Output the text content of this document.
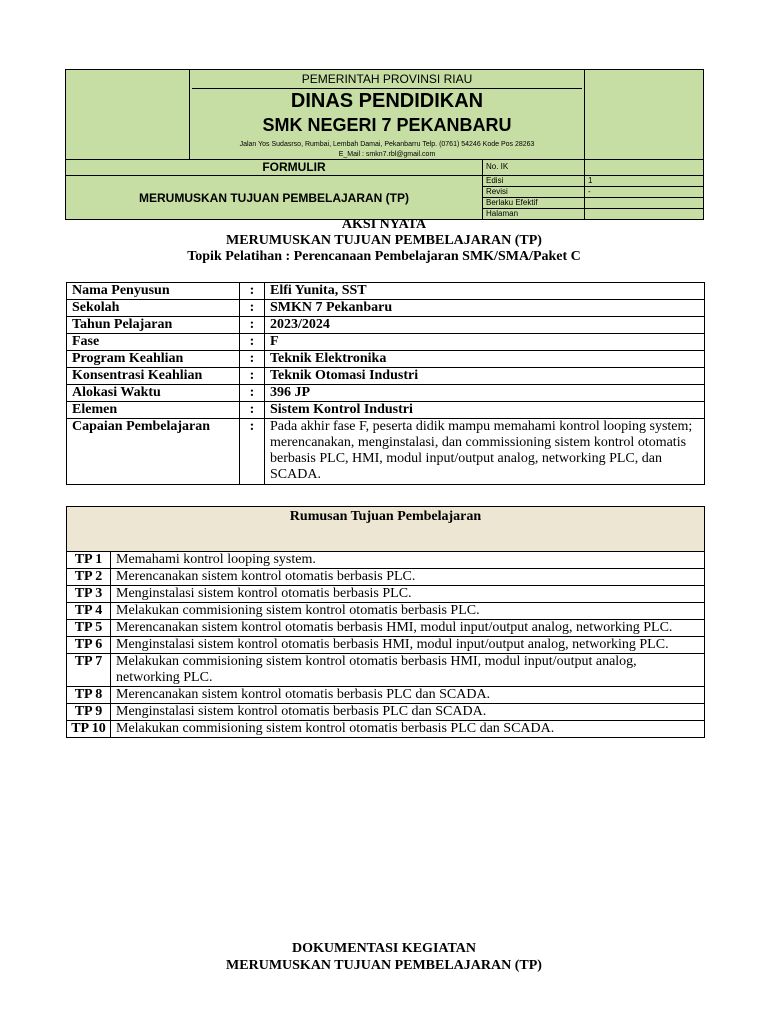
	PEMERINTAH PROVINSI RIAU
DINAS PENDIDIKAN
SMK NEGERI 7 PEKANBARU
Jalan Yos Sudasrso, Rumbai, Lembah Damai, Pekanbarru Telp. (0761) 54246 Kode Pos 28263
E_Mail : smkn7.rbl@gmail.com		

FORMULIR		No. IK	
MERUMUSKAN TUJUAN PEMBELAJARAN (TP)		Edisi	1
		Revisi	-
		Berlaku Efektif	
		Halaman	
AKSI NYATA
MERUMUSKAN TUJUAN PEMBELAJARAN (TP)
Topik Pelatihan : Perencanaan Pembelajaran SMK/SMA/Paket C
Nama Penyusun	:	Elfi Yunita, SST
Sekolah	:	SMKN 7 Pekanbaru
Tahun Pelajaran	:	2023/2024
Fase	:	F
Program Keahlian	:	Teknik Elektronika
Konsentrasi Keahlian	:	Teknik Otomasi Industri
Alokasi Waktu	:	396 JP
Elemen	:	Sistem Kontrol Industri
Capaian Pembelajaran	:	Pada akhir fase F, peserta didik mampu memahami kontrol looping system; merencanakan, menginstalasi, dan commissioning sistem kontrol otomatis berbasis PLC, HMI, modul input/output analog, networking PLC, dan SCADA.
Rumusan Tujuan Pembelajaran	
TP 1	Memahami kontrol looping system.
TP 2	Merencanakan sistem kontrol otomatis berbasis PLC.
TP 3	Menginstalasi sistem kontrol otomatis berbasis PLC.
TP 4	Melakukan commisioning sistem kontrol otomatis berbasis PLC.
TP 5	Merencanakan sistem kontrol otomatis berbasis HMI, modul input/output analog, networking PLC.
TP 6	Menginstalasi sistem kontrol otomatis berbasis HMI, modul input/output analog, networking PLC.
TP 7	Melakukan commisioning sistem kontrol otomatis berbasis HMI, modul input/output analog, networking PLC.
TP 8	Merencanakan sistem kontrol otomatis berbasis PLC dan SCADA.
TP 9	Menginstalasi sistem kontrol otomatis berbasis PLC dan SCADA.
TP 10	Melakukan commisioning sistem kontrol otomatis berbasis PLC dan SCADA.
DOKUMENTASI KEGIATAN
MERUMUSKAN TUJUAN PEMBELAJARAN (TP)
